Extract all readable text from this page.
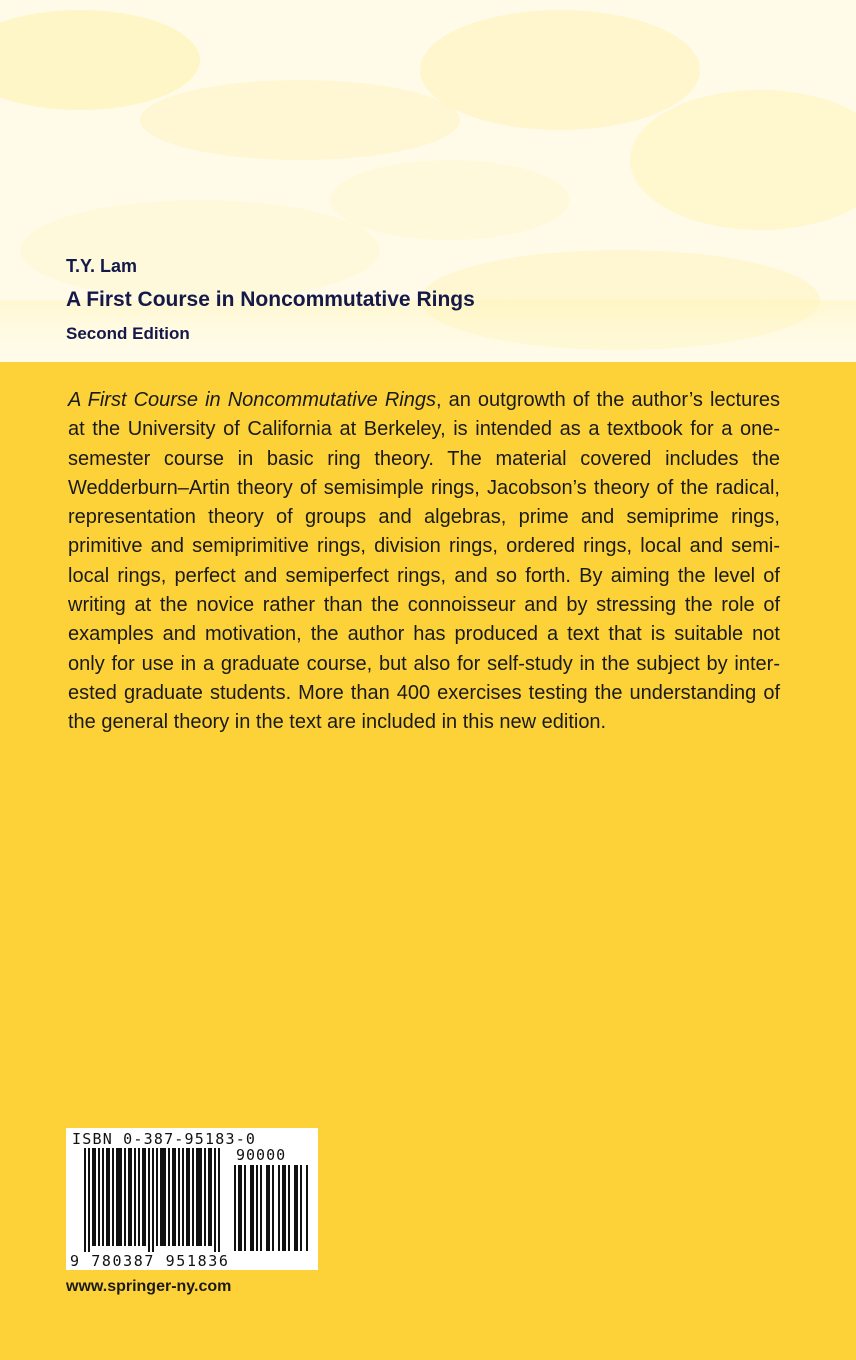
T.Y. Lam

A First Course in Noncommutative Rings

Second Edition

A First Course in Noncommutative Rings, an outgrowth of the author’s lectures at the University of California at Berkeley, is intended as a textbook for a one-semester course in basic ring theory. The material covered includes the Wedderburn–Artin theory of semisimple rings, Jacobson’s theory of the radical, representation theory of groups and algebras, prime and semiprime rings, primitive and semiprimitive rings, division rings, ordered rings, local and semi-local rings, perfect and semiperfect rings, and so forth. By aiming the level of writing at the novice rather than the connoisseur and by stressing the role of examples and motivation, the author has produced a text that is suitable not only for use in a graduate course, but also for self-study in the subject by inter-ested graduate students. More than 400 exercises testing the understanding of the general theory in the text are included in this new edition.

ISBN 0-387-95183-0
90000
9 780387 951836

www.springer-ny.com
